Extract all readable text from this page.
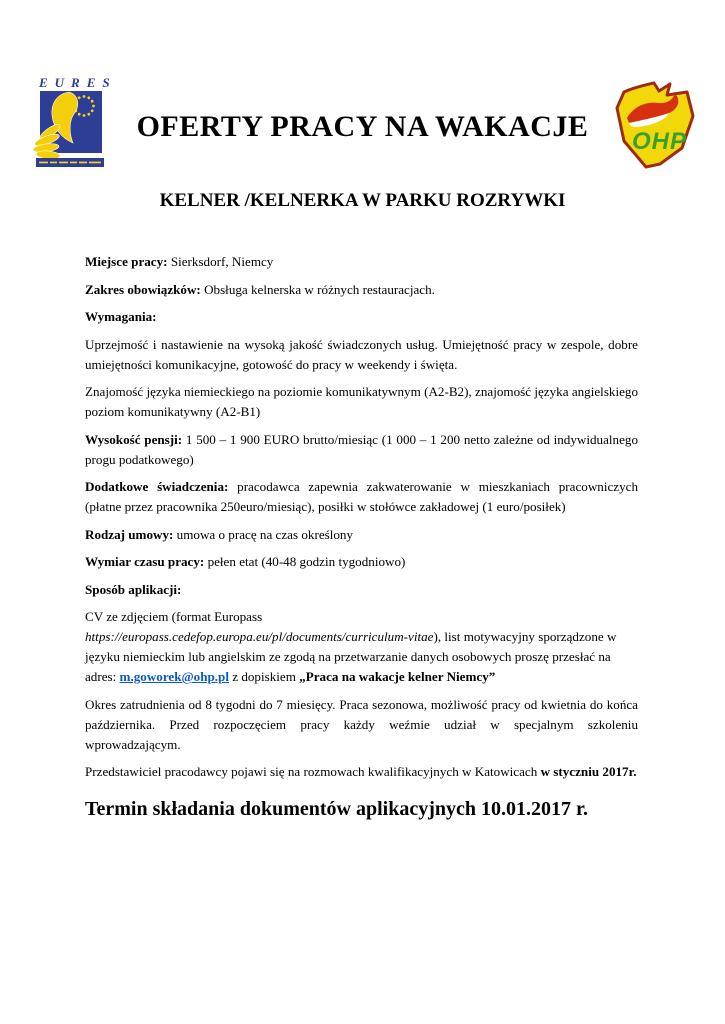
EURES
OFERTY PRACY NA WAKACJE	OHP
KELNER /KELNERKA W PARKU ROZRYWKI

Miejsce pracy: Sierksdorf, Niemcy

Zakres obowiązków: Obsługa kelnerska w różnych restauracjach.

Wymagania:

Uprzejmość i nastawienie na wysoką jakość świadczonych usług. Umiejętność pracy w zespole, dobre umiejętności komunikacyjne, gotowość do pracy w weekendy i święta.

Znajomość języka niemieckiego na poziomie komunikatywnym (A2-B2), znajomość języka angielskiego poziom komunikatywny (A2-B1)

Wysokość pensji: 1 500 – 1 900 EURO brutto/miesiąc (1 000 – 1 200 netto zależne od indywidualnego progu podatkowego)

Dodatkowe świadczenia: pracodawca zapewnia zakwaterowanie w mieszkaniach pracowniczych (płatne przez pracownika 250euro/miesiąc), posiłki w stołówce zakładowej (1 euro/posiłek)

Rodzaj umowy: umowa o pracę na czas określony

Wymiar czasu pracy: pełen etat (40-48 godzin tygodniowo)

Sposób aplikacji:

CV ze zdjęciem (format Europass
https://europass.cedefop.europa.eu/pl/documents/curriculum-vitae), list motywacyjny sporządzone w języku niemieckim lub angielskim ze zgodą na przetwarzanie danych osobowych proszę przesłać na adres: m.goworek@ohp.pl z dopiskiem „Praca na wakacje kelner Niemcy”

Okres zatrudnienia od 8 tygodni do 7 miesięcy. Praca sezonowa, możliwość pracy od kwietnia do końca października. Przed rozpoczęciem pracy każdy weźmie udział w specjalnym szkoleniu wprowadzającym.

Przedstawiciel pracodawcy pojawi się na rozmowach kwalifikacyjnych w Katowicach w styczniu 2017r.

Termin składania dokumentów aplikacyjnych 10.01.2017 r.
